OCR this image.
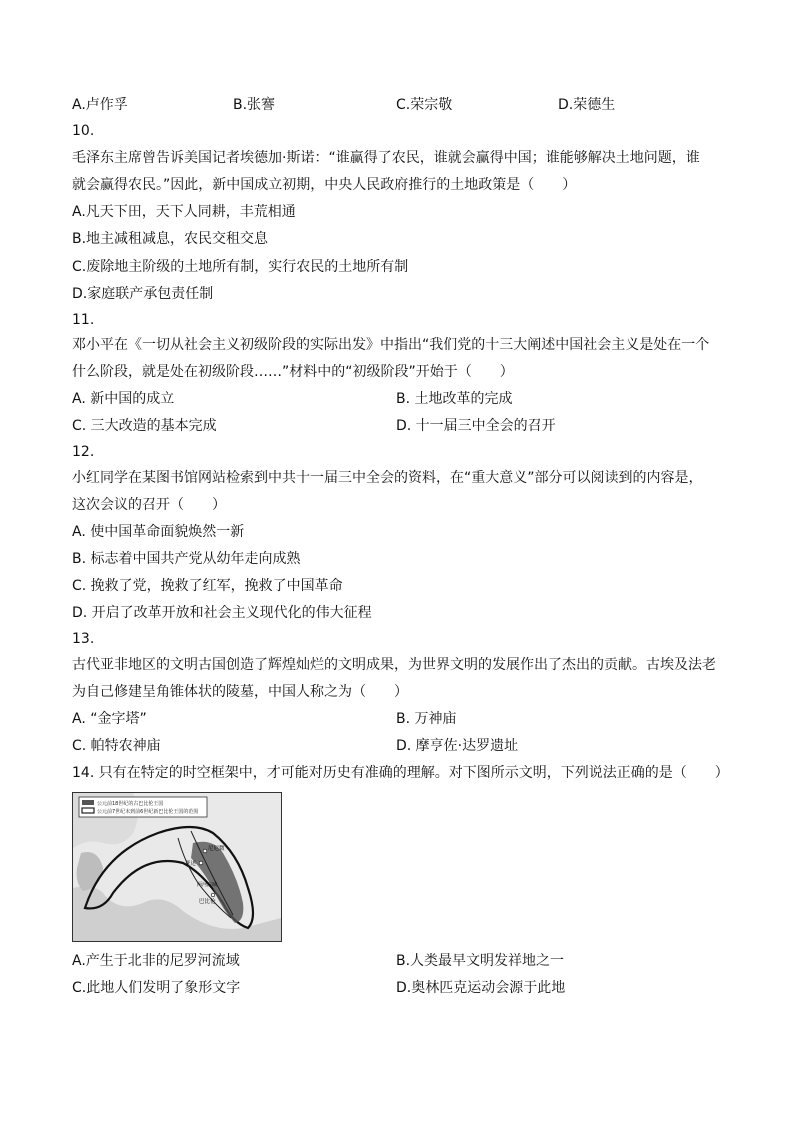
A.卢作孚	B.张謇	C.荣宗敬	D.荣德生
10.
毛泽东主席曾告诉美国记者埃德加·斯诺：“谁赢得了农民，谁就会赢得中国；谁能够解决土地问题，谁
就会赢得农民。”因此，新中国成立初期，中央人民政府推行的土地政策是（　　）
A.凡天下田，天下人同耕，丰荒相通
B.地主减租减息，农民交租交息
C.废除地主阶级的土地所有制，实行农民的土地所有制
D.家庭联产承包责任制
11.
邓小平在《一切从社会主义初级阶段的实际出发》中指出“我们党的十三大阐述中国社会主义是处在一个
什么阶段，就是处在初级阶段……”材料中的“初级阶段”开始于（　　）
A. 新中国的成立	B. 土地改革的完成
C. 三大改造的基本完成	D. 十一届三中全会的召开
12.
小红同学在某图书馆网站检索到中共十一届三中全会的资料，在“重大意义”部分可以阅读到的内容是，
这次会议的召开（　　）
A. 使中国革命面貌焕然一新
B. 标志着中国共产党从幼年走向成熟
C. 挽救了党，挽救了红军，挽救了中国革命
D. 开启了改革开放和社会主义现代化的伟大征程
13.
古代亚非地区的文明古国创造了辉煌灿烂的文明成果，为世界文明的发展作出了杰出的贡献。古埃及法老
为自己修建呈角锥体状的陵墓，中国人称之为（　　）
A. “金字塔”	B. 万神庙
C. 帕特农神庙	D. 摩亨佐·达罗遗址
14. 只有在特定的时空框架中，才可能对历史有准确的理解。对下图所示文明，下列说法正确的是（　　）
公元前18世纪的古巴比伦王国
公元前7世纪末到前6世纪新巴比伦王国的范围
尼尼微
亚述
巴比伦
两河流域
A.产生于北非的尼罗河流域	B.人类最早文明发祥地之一
C.此地人们发明了象形文字	D.奥林匹克运动会源于此地
